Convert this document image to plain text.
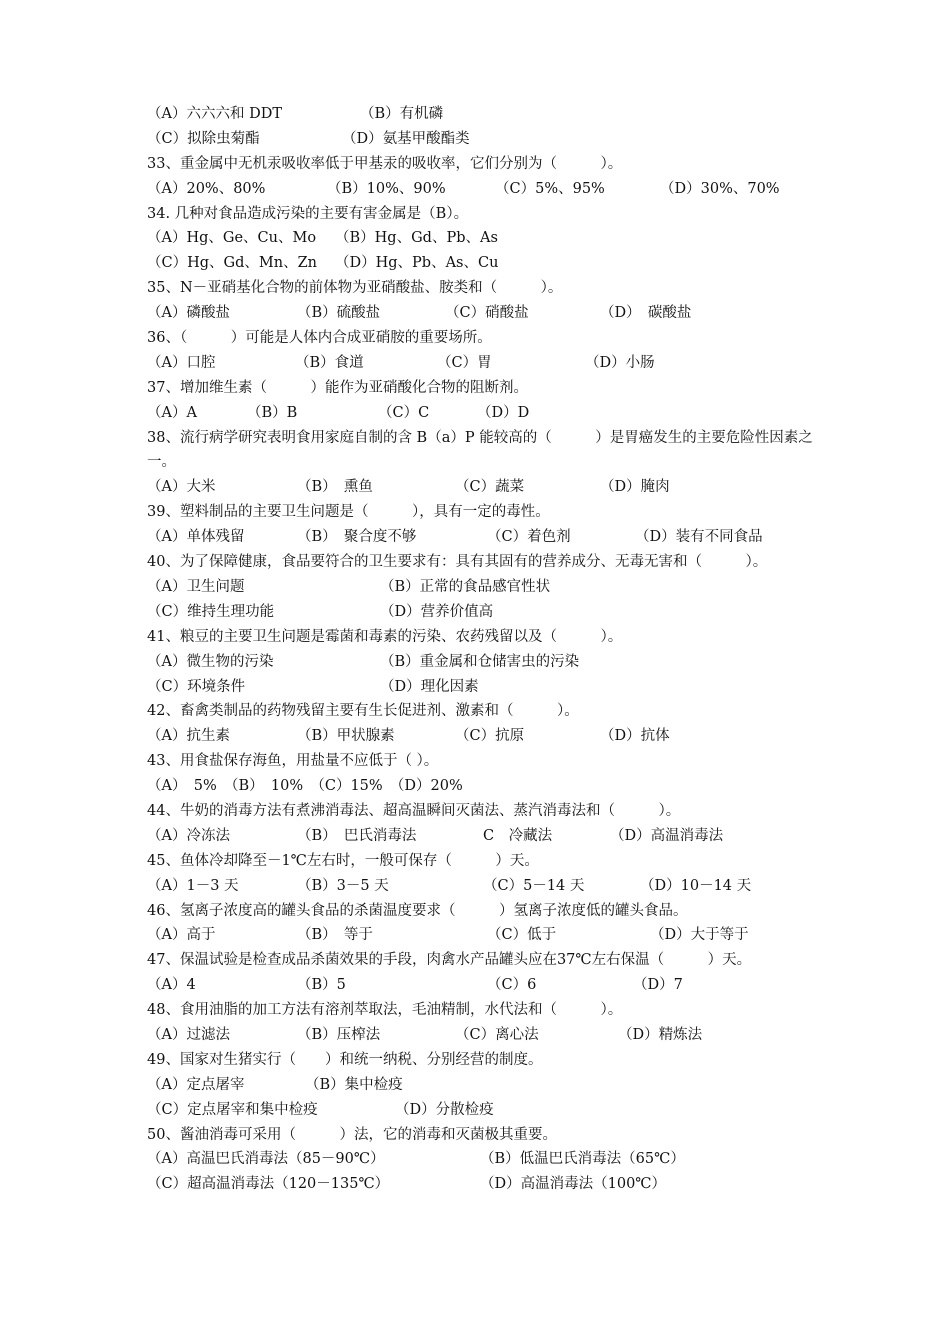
（A）六六六和 DDT	（B）有机磷
（C）拟除虫菊酯	（D）氨基甲酸酯类
33、重金属中无机汞吸收率低于甲基汞的吸收率，它们分别为（　　　）。
（A）20%、80%	（B）10%、90%	（C）5%、95%	（D）30%、70%
34. 几种对食品造成污染的主要有害金属是（B）。
（A）Hg、Ge、Cu、Mo （B）Hg、Gd、Pb、As
（C）Hg、Gd、Mn、Zn （D）Hg、Pb、As、Cu
35、N－亚硝基化合物的前体物为亚硝酸盐、胺类和（　　　）。
（A）磷酸盐	（B）硫酸盐	（C）硝酸盐	（D）　碳酸盐
36、（　　　）可能是人体内合成亚硝胺的重要场所。
（A）口腔	（B）食道	（C）胃	（D）小肠
37、增加维生素（　　　）能作为亚硝酸化合物的阻断剂。
（A）A	（B）B	（C）C	（D）D
38、流行病学研究表明食用家庭自制的含 B（a）P 能较高的（　　　）是胃癌发生的主要危险性因素之一。
（A）大米	（B）　熏鱼	（C）蔬菜	（D）腌肉
39、塑料制品的主要卫生问题是（　　　），具有一定的毒性。
（A）单体残留	（B）　聚合度不够	（C）着色剂	（D）装有不同食品
40、为了保障健康，食品要符合的卫生要求有：具有其固有的营养成分、无毒无害和（　　　）。
（A）卫生问题	（B）正常的食品感官性状
（C）维持生理功能	（D）营养价值高
41、粮豆的主要卫生问题是霉菌和毒素的污染、农药残留以及（　　　）。
（A）微生物的污染	（B）重金属和仓储害虫的污染
（C）环境条件	（D）理化因素
42、畜禽类制品的药物残留主要有生长促进剂、激素和（　　　）。
（A）抗生素	（B）甲状腺素	（C）抗原	（D）抗体
43、用食盐保存海鱼，用盐量不应低于（ ）。
（A）　5%　（B）　10%　（C）15%　（D）20%
44、牛奶的消毒方法有煮沸消毒法、超高温瞬间灭菌法、蒸汽消毒法和（　　　）。
（A）冷冻法	（B）　巴氏消毒法	C　冷藏法	（D）高温消毒法
45、鱼体冷却降至－1℃左右时，一般可保存（　　　）天。
（A）1－3 天	（B）3－5 天	（C）5－14 天	（D）10－14 天
46、氢离子浓度高的罐头食品的杀菌温度要求（　　　）氢离子浓度低的罐头食品。
（A）高于	（B）　等于	（C）低于	（D）大于等于
47、保温试验是检查成品杀菌效果的手段，肉禽水产品罐头应在37℃左右保温（　　　）天。
（A）4	（B）5	（C）6	（D）7
48、食用油脂的加工方法有溶剂萃取法，毛油精制，水代法和（　　　）。
（A）过滤法	（B）压榨法	（C）离心法	（D）精炼法
49、国家对生猪实行（　　）和统一纳税、分别经营的制度。
（A）定点屠宰	（B）集中检疫
（C）定点屠宰和集中检疫	（D）分散检疫
50、酱油消毒可采用（　　　）法，它的消毒和灭菌极其重要。
（A）高温巴氏消毒法（85－90℃）	（B）低温巴氏消毒法（65℃）
（C）超高温消毒法（120－135℃）	（D）高温消毒法（100℃）
